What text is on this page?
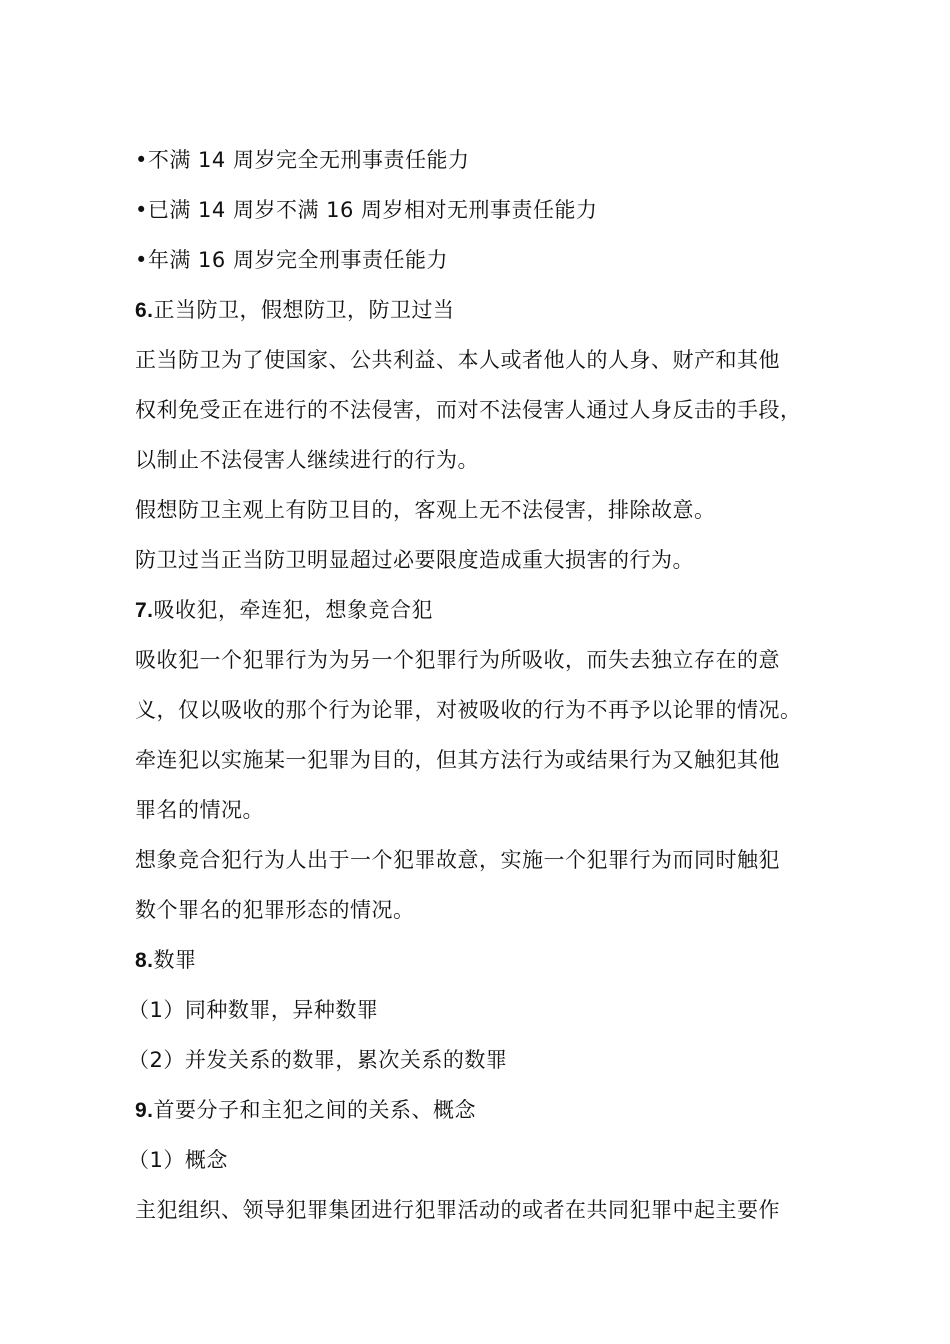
•不满 14 周岁完全无刑事责任能力
•已满 14 周岁不满 16 周岁相对无刑事责任能力
•年满 16 周岁完全刑事责任能力
6.正当防卫，假想防卫，防卫过当
正当防卫为了使国家、公共利益、本人或者他人的人身、财产和其他
权利免受正在进行的不法侵害，而对不法侵害人通过人身反击的手段，
以制止不法侵害人继续进行的行为。
假想防卫主观上有防卫目的，客观上无不法侵害，排除故意。
防卫过当正当防卫明显超过必要限度造成重大损害的行为。
7.吸收犯，牵连犯，想象竞合犯
吸收犯一个犯罪行为为另一个犯罪行为所吸收，而失去独立存在的意
义，仅以吸收的那个行为论罪，对被吸收的行为不再予以论罪的情况。
牵连犯以实施某一犯罪为目的，但其方法行为或结果行为又触犯其他
罪名的情况。
想象竞合犯行为人出于一个犯罪故意，实施一个犯罪行为而同时触犯
数个罪名的犯罪形态的情况。
8.数罪
（1）同种数罪，异种数罪
（2）并发关系的数罪，累次关系的数罪
9.首要分子和主犯之间的关系、概念
（1）概念
主犯组织、领导犯罪集团进行犯罪活动的或者在共同犯罪中起主要作
